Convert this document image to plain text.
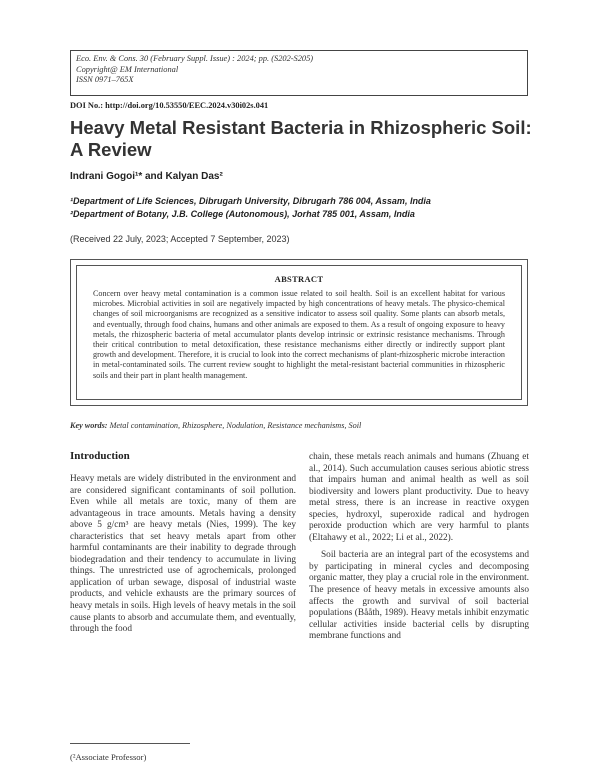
Eco. Env. & Cons. 30 (February Suppl. Issue) : 2024; pp. (S202-S205)
Copyright@ EM International
ISSN 0971–765X
DOI No.: http://doi.org/10.53550/EEC.2024.v30i02s.041
Heavy Metal Resistant Bacteria in Rhizospheric Soil:
A Review
Indrani Gogoi¹* and Kalyan Das²
¹Department of Life Sciences, Dibrugarh University, Dibrugarh 786 004, Assam, India
²Department of Botany, J.B. College (Autonomous), Jorhat 785 001, Assam, India
(Received 22 July, 2023; Accepted 7 September, 2023)
ABSTRACT
Concern over heavy metal contamination is a common issue related to soil health. Soil is an excellent habitat for various microbes. Microbial activities in soil are negatively impacted by high concentrations of heavy metals. The physico-chemical changes of soil microorganisms are recognized as a sensitive indicator to assess soil quality. Some plants can absorb metals, and eventually, through food chains, humans and other animals are exposed to them. As a result of ongoing exposure to heavy metals, the rhizospheric bacteria of metal accumulator plants develop intrinsic or extrinsic resistance mechanisms. Through their critical contribution to metal detoxification, these resistance mechanisms either directly or indirectly support plant growth and development. Therefore, it is crucial to look into the correct mechanisms of plant-rhizospheric microbe interaction in metal-contaminated soils. The current review sought to highlight the metal-resistant bacterial communities in rhizospheric soils and their part in plant health management.
Key words: Metal contamination, Rhizosphere, Nodulation, Resistance mechanisms, Soil
Introduction

Heavy metals are widely distributed in the environment and are considered significant contaminants of soil pollution. Even while all metals are toxic, many of them are advantageous in trace amounts. Metals having a density above 5 g/cm³ are heavy metals (Nies, 1999). The key characteristics that set heavy metals apart from other harmful contaminants are their inability to degrade through biodegradation and their tendency to accumulate in living things. The unrestricted use of agrochemicals, prolonged application of urban sewage, disposal of industrial waste products, and vehicle exhausts are the primary sources of heavy metals in soils. High levels of heavy metals in the soil cause plants to absorb and accumulate them, and eventually, through the food

chain, these metals reach animals and humans (Zhuang et al., 2014). Such accumulation causes serious abiotic stress that impairs human and animal health as well as soil biodiversity and lowers plant productivity. Due to heavy metal stress, there is an increase in reactive oxygen species, hydroxyl, superoxide radical and hydrogen peroxide production which are very harmful to plants (Eltahawy et al., 2022; Li et al., 2022).

Soil bacteria are an integral part of the ecosystems and by participating in mineral cycles and decomposing organic matter, they play a crucial role in the environment. The presence of heavy metals in excessive amounts also affects the growth and survival of soil bacterial populations (Bååth, 1989). Heavy metals inhibit enzymatic cellular activities inside bacterial cells by disrupting membrane functions and

(²Associate Professor)
